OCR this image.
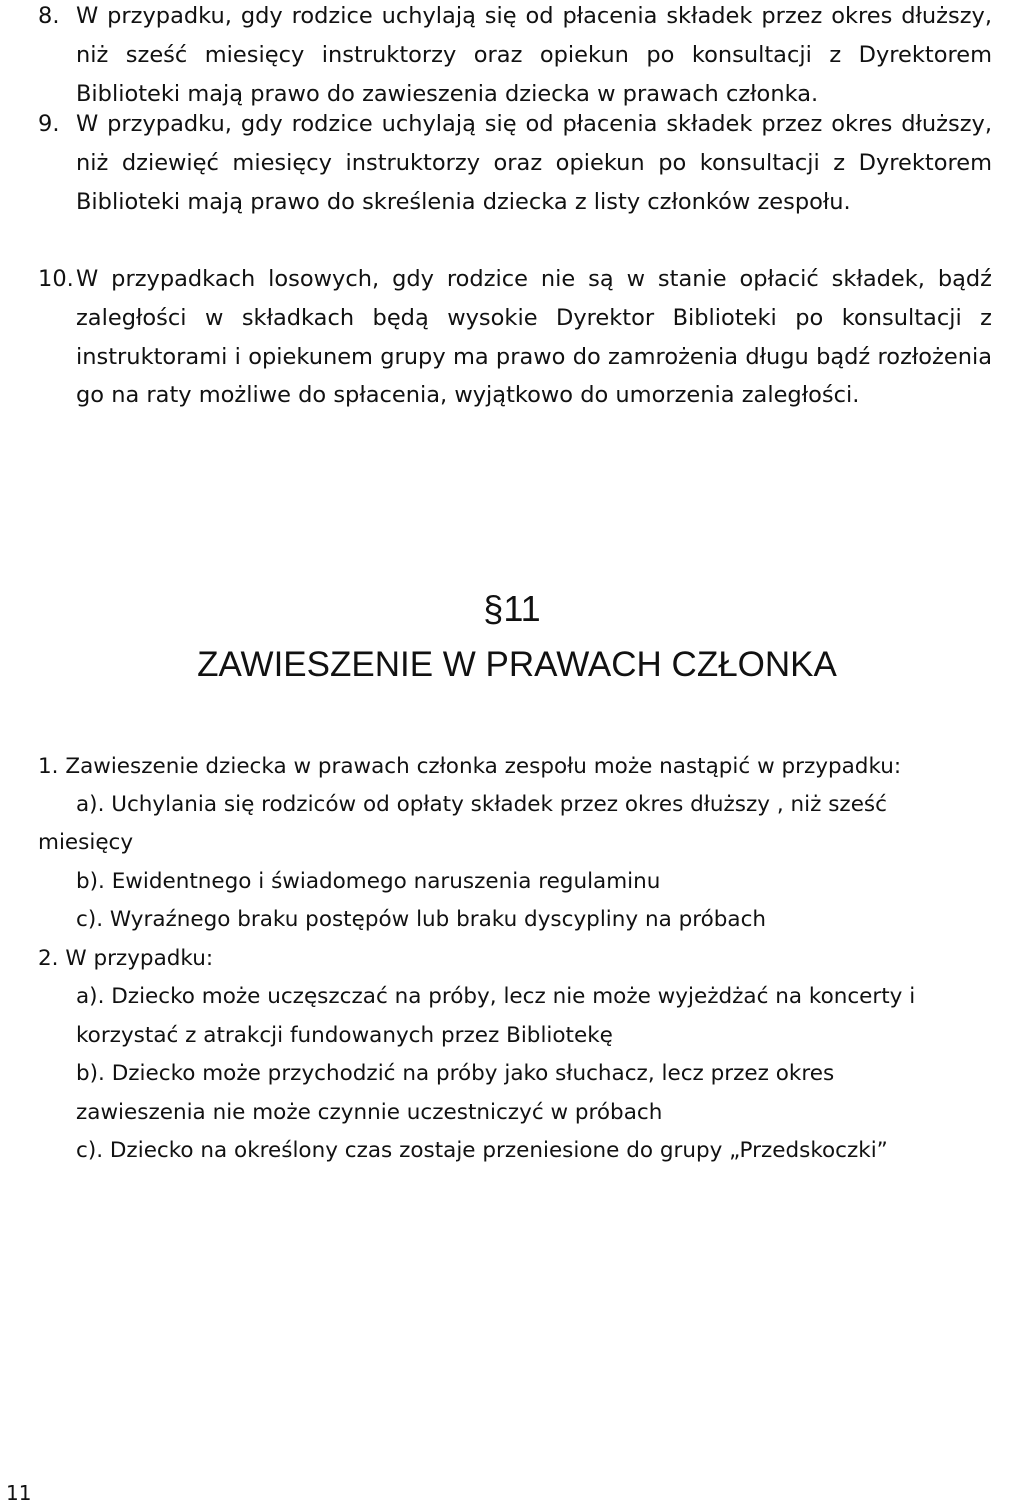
8. W przypadku, gdy rodzice uchylają się od płacenia składek przez okres dłuższy, niż sześć miesięcy instruktorzy oraz opiekun po konsultacji z Dyrektorem Biblioteki mają prawo do zawieszenia dziecka w prawach członka.
9. W przypadku, gdy rodzice uchylają się od płacenia składek przez okres dłuższy, niż dziewięć miesięcy instruktorzy oraz opiekun po konsultacji z Dyrektorem Biblioteki mają prawo do skreślenia dziecka z listy członków zespołu.
10.W przypadkach losowych, gdy rodzice nie są w stanie opłacić składek, bądź zaległości w składkach będą wysokie Dyrektor Biblioteki po konsultacji z instruktorami i opiekunem grupy ma prawo do zamrożenia długu bądź rozłożenia go na raty możliwe do spłacenia, wyjątkowo do umorzenia zaległości.
§11
ZAWIESZENIE W PRAWACH CZŁONKA
1. Zawieszenie dziecka w prawach członka zespołu może nastąpić w przypadku:
a). Uchylania się rodziców od opłaty składek przez okres dłuższy , niż sześć
miesięcy
b). Ewidentnego i świadomego naruszenia regulaminu
c). Wyraźnego braku postępów lub braku dyscypliny na próbach
2. W przypadku:
a). Dziecko może uczęszczać na próby, lecz nie może wyjeżdżać na koncerty i
korzystać z atrakcji fundowanych przez Bibliotekę
b). Dziecko może przychodzić na próby jako słuchacz, lecz przez okres
zawieszenia nie może czynnie uczestniczyć w próbach
c). Dziecko na określony czas zostaje przeniesione do grupy „Przedskoczki”
11
